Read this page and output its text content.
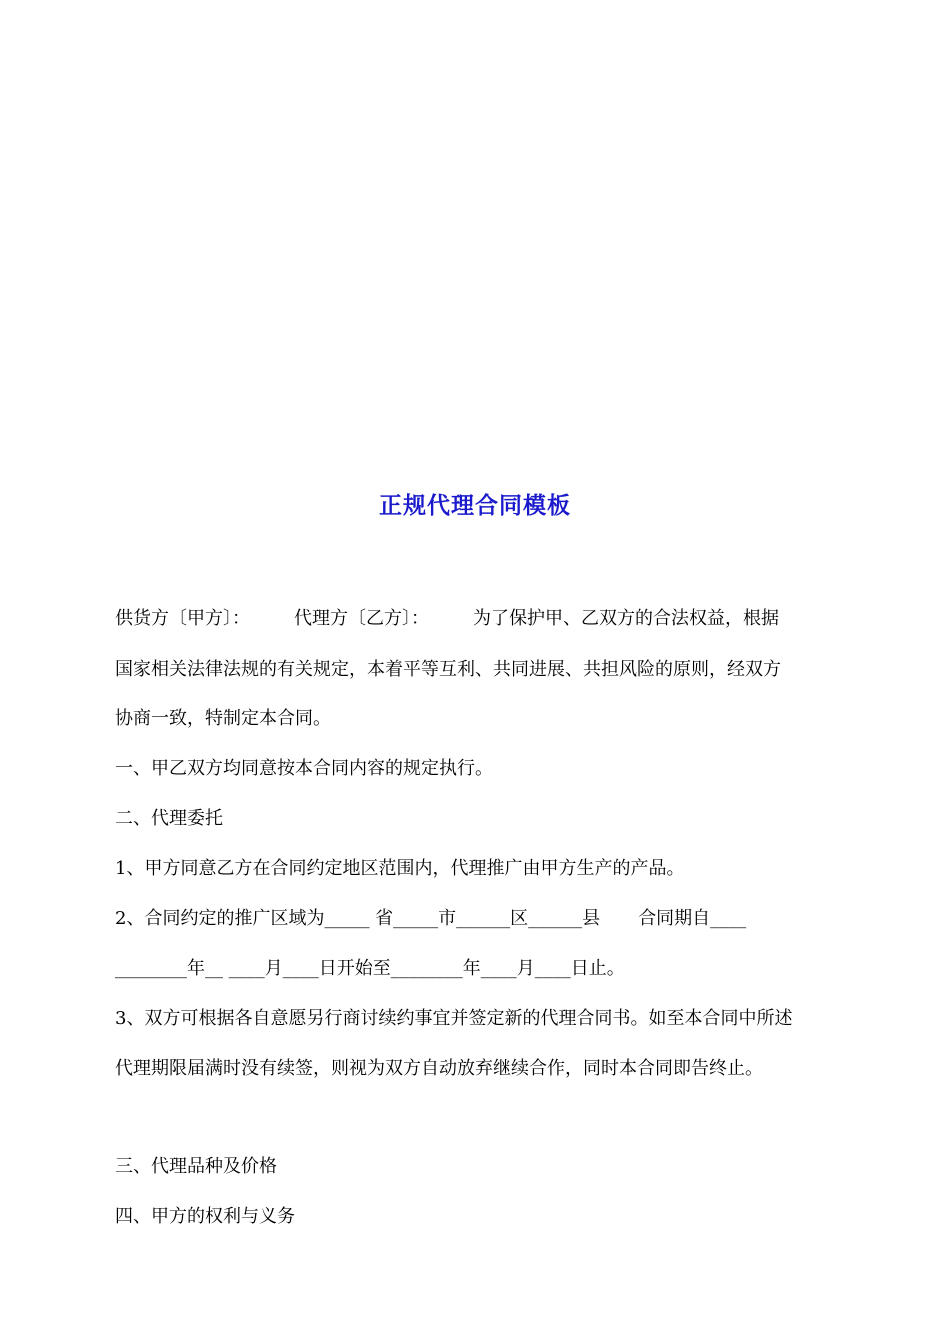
正规代理合同模板
供货方〔甲方〕： 代理方〔乙方〕： 为了保护甲、乙双方的合法权益，根据
国家相关法律法规的有关规定，本着平等互利、共同进展、共担风险的原则，经双方
协商一致，特制定本合同。
一、甲乙双方均同意按本合同内容的规定执行。
二、代理委托
1、甲方同意乙方在合同约定地区范围内，代理推广由甲方生产的产品。
2、合同约定的推广区域为_____ 省_____市______区______县 合同期自____
________年__ ____月____日开始至________年____月____日止。
3、双方可根据各自意愿另行商讨续约事宜并签定新的代理合同书。如至本合同中所述
代理期限届满时没有续签，则视为双方自动放弃继续合作，同时本合同即告终止。
三、代理品种及价格
四、甲方的权利与义务
